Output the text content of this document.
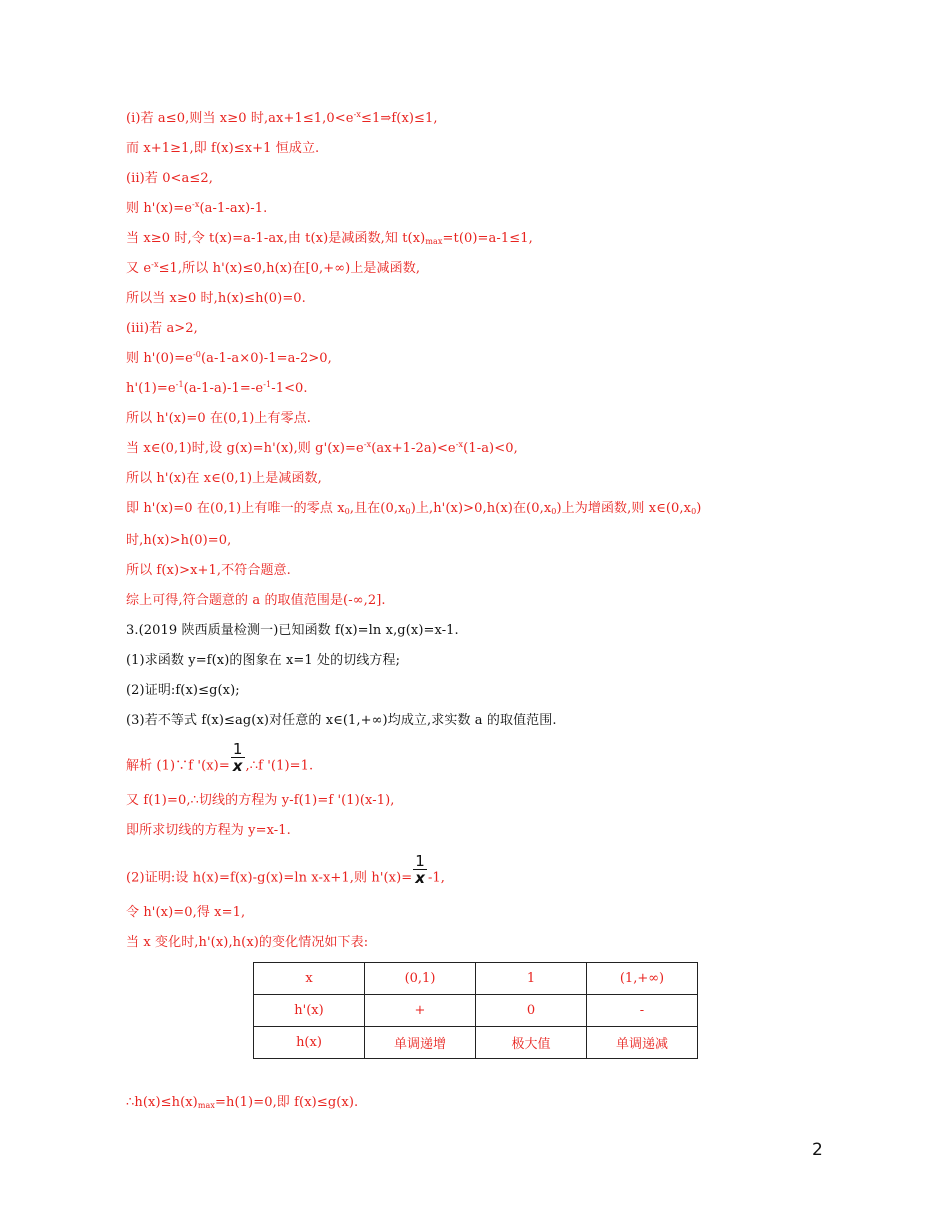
(i)若 a≤0,则当 x≥0 时$,ax+1\le 1,0<e^{-x}\le 1\Rightarrow f(x)\le 1$,
而 x+1≥1,即 f(x)≤x+1 恒成立.
(ii)若 0<a≤2,
则 $h'(x)=e^{-x}(a-1-ax)-1$.
当 x≥0 时,令 t(x)=a-1-ax,由 t(x)是减函数,知 $t(x)_{max}=t(0)=a-1\le 1$,
又 $e^{-x}\le 1$,所以 h'(x)≤0,h(x)在[0,+∞)上是减函数,
所以当 x≥0 时,h(x)≤h(0)=0.
(iii)若 a>2,
则 $h'(0)=e^{-0}(a-1-a\times 0)-1=a-2>0$,
$h'(1)=e^{-1}(a-1-a)-1=-e^{-1}-1<0$.
所以 h'(x)=0 在(0,1)上有零点.
当 x∈(0,1)时,设 g(x)=h'(x),则 $g'(x)=e^{-x}(ax+1-2a)<e^{-x}(1-a)<0$,
所以 h'(x)在 x∈(0,1)上是减函数,
即 h'(x)=0 在(0,1)上有唯一的零点 $x_0$,且在$(0,x_0)$上,h'(x)>0,h(x)在$(0,x_0)$上为增函数,则 $x\in(0,x_0)$
时,h(x)>h(0)=0,
所以 f(x)>x+1,不符合题意.
综上可得,符合题意的 a 的取值范围是(-∞,2].
3.(2019 陕西质量检测一)已知函数 f(x)=ln x,g(x)=x-1.
(1)求函数 y=f(x)的图象在 x=1 处的切线方程;
(2)证明:f(x)≤g(x);
(3)若不等式 f(x)≤ag(x)对任意的 x∈(1,+∞)均成立,求实数 a 的取值范围.
解析 (1)∵f '$(x)= \frac{1}{x}$ ,∴f '(1)=1.
又 f(1)=0,∴切线的方程为 y-f(1)=f '(1)(x-1),
即所求切线的方程为 y=x-1.
(2)证明:设 h(x)=f(x)-g(x)=ln x-x+1,则 $h'(x)= \frac{1}{x} -1$,
令 h'(x)=0,得 x=1,
当 x 变化时,h'(x),h(x)的变化情况如下表:
x	(0,1)	1	(1,+∞)
h'(x)	+	0	-
h(x)	单调递增	极大值	单调递减
$\therefore h(x)\le h(x)_{max}=h(1)=0$,即 f(x)≤g(x).
2
